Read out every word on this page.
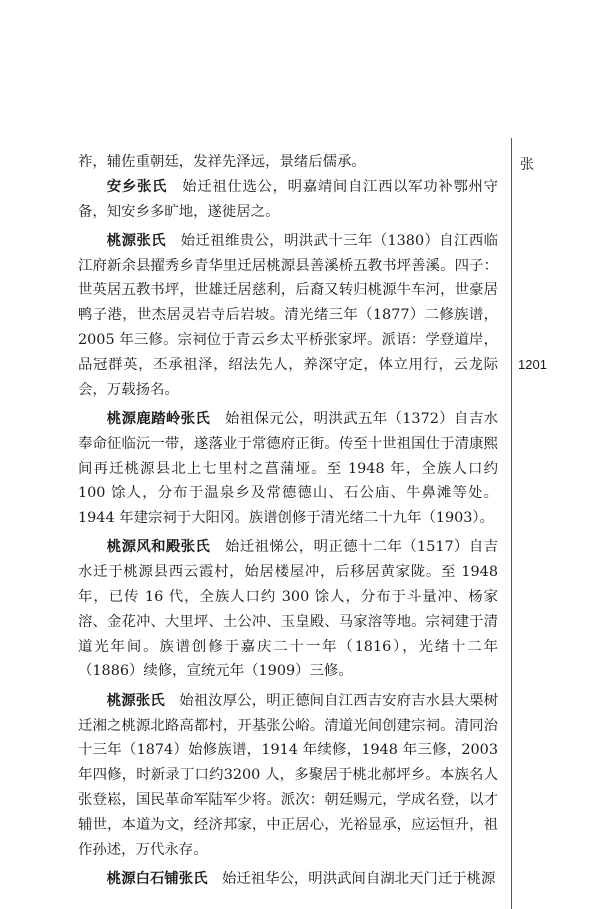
张
1201

祚，辅佐重朝廷，发祥先泽远，景绪后儒承。

安乡张氏　 始迁祖仕选公，明嘉靖间自江西以军功补鄂州守备，知安乡多旷地，遂徙居之。

桃源张氏　 始迁祖维贵公，明洪武十三年（1380）自江西临江府新余县擢秀乡青华里迁居桃源县善溪桥五教书坪善溪。四子：世英居五教书坪，世雄迁居慈利，后裔又转归桃源牛车河，世豪居鸭子港，世杰居灵岩寺后岩坡。清光绪三年（1877）二修族谱，2005 年三修。宗祠位于青云乡太平桥张家坪。派语：学登道岸，品冠群英，丕承祖泽，绍法先人，养深守定，体立用行，云龙际会，万载扬名。

桃源鹿踏岭张氏　 始祖保元公，明洪武五年（1372）自吉水奉命征临沅一带，遂落业于常德府正街。传至十世祖国仕于清康熙间再迁桃源县北上七里村之菖蒲垭。至 1948 年，全族人口约 100 馀人，分布于温泉乡及常德德山、石公庙、牛鼻滩等处。1944 年建宗祠于大阳冈。族谱创修于清光绪二十九年（1903）。

桃源风和殿张氏　 始迁祖悌公，明正德十二年（1517）自吉水迁于桃源县西云霞村，始居楼屋冲，后移居黄家陇。至 1948 年，已传 16 代，全族人口约 300 馀人，分布于斗量冲、杨家溶、金花冲、大里坪、土公冲、玉皇殿、马家溶等地。宗祠建于清道光年间。族谱创修于嘉庆二十一年（1816），光绪十二年（1886）续修，宣统元年（1909）三修。

桃源张氏　 始祖汝厚公，明正德间自江西吉安府吉水县大栗树迁湘之桃源北路高都村，开基张公峪。清道光间创建宗祠。清同治十三年（1874）始修族谱，1914 年续修，1948 年三修，2003 年四修，时新录丁口约3200 人，多聚居于桃北郝坪乡。本族名人张登崧，国民革命军陆军少将。派次：朝廷赐元，学成名登，以才辅世，本道为文，经济邦家，中正居心，光裕显承，应运恒升，祖作孙述，万代永存。

桃源白石铺张氏　 始迁祖华公，明洪武间自湖北天门迁于桃源
